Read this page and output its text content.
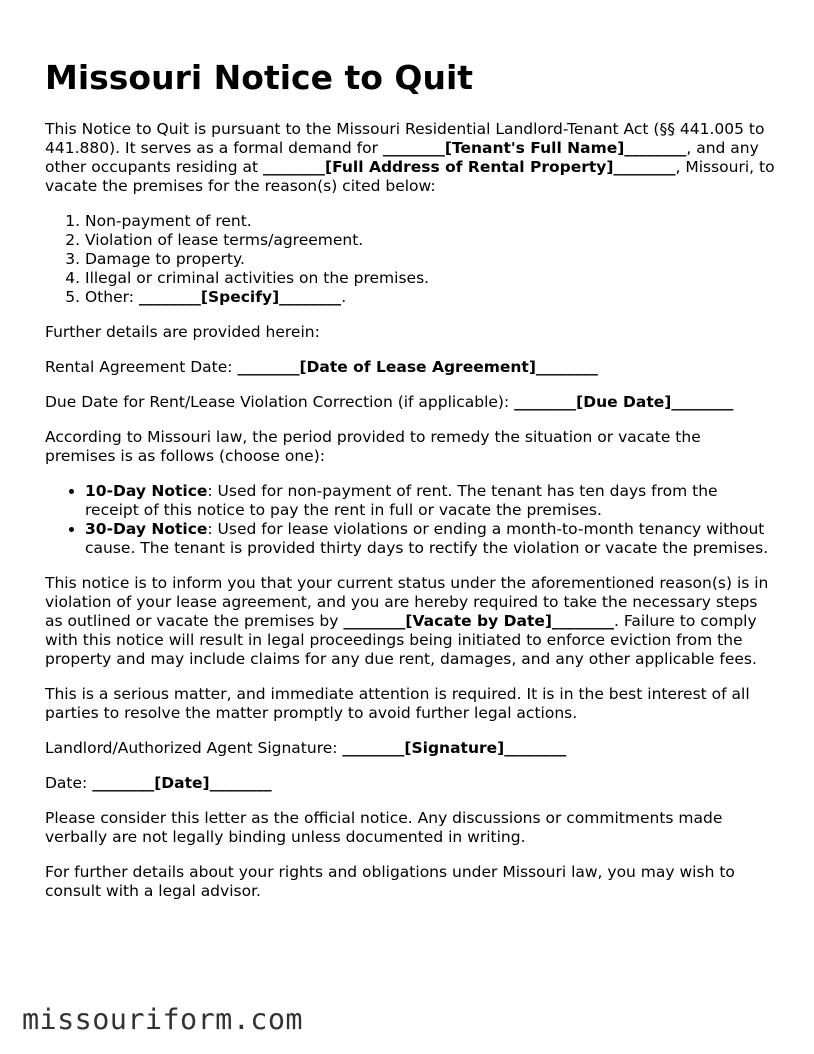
Missouri Notice to Quit

This Notice to Quit is pursuant to the Missouri Residential Landlord-Tenant Act (§§ 441.005 to 441.880). It serves as a formal demand for ________[Tenant's Full Name]________, and any other occupants residing at ________[Full Address of Rental Property]________, Missouri, to vacate the premises for the reason(s) cited below:

1. Non-payment of rent.
2. Violation of lease terms/agreement.
3. Damage to property.
4. Illegal or criminal activities on the premises.
5. Other: ________[Specify]________.

Further details are provided herein:

Rental Agreement Date: ________[Date of Lease Agreement]________

Due Date for Rent/Lease Violation Correction (if applicable): ________[Due Date]________

According to Missouri law, the period provided to remedy the situation or vacate the premises is as follows (choose one):

• 10-Day Notice: Used for non-payment of rent. The tenant has ten days from the receipt of this notice to pay the rent in full or vacate the premises.
• 30-Day Notice: Used for lease violations or ending a month-to-month tenancy without cause. The tenant is provided thirty days to rectify the violation or vacate the premises.

This notice is to inform you that your current status under the aforementioned reason(s) is in violation of your lease agreement, and you are hereby required to take the necessary steps as outlined or vacate the premises by ________[Vacate by Date]________. Failure to comply with this notice will result in legal proceedings being initiated to enforce eviction from the property and may include claims for any due rent, damages, and any other applicable fees.

This is a serious matter, and immediate attention is required. It is in the best interest of all parties to resolve the matter promptly to avoid further legal actions.

Landlord/Authorized Agent Signature: ________[Signature]________

Date: ________[Date]________

Please consider this letter as the official notice. Any discussions or commitments made verbally are not legally binding unless documented in writing.

For further details about your rights and obligations under Missouri law, you may wish to consult with a legal advisor.

missouriform.com
